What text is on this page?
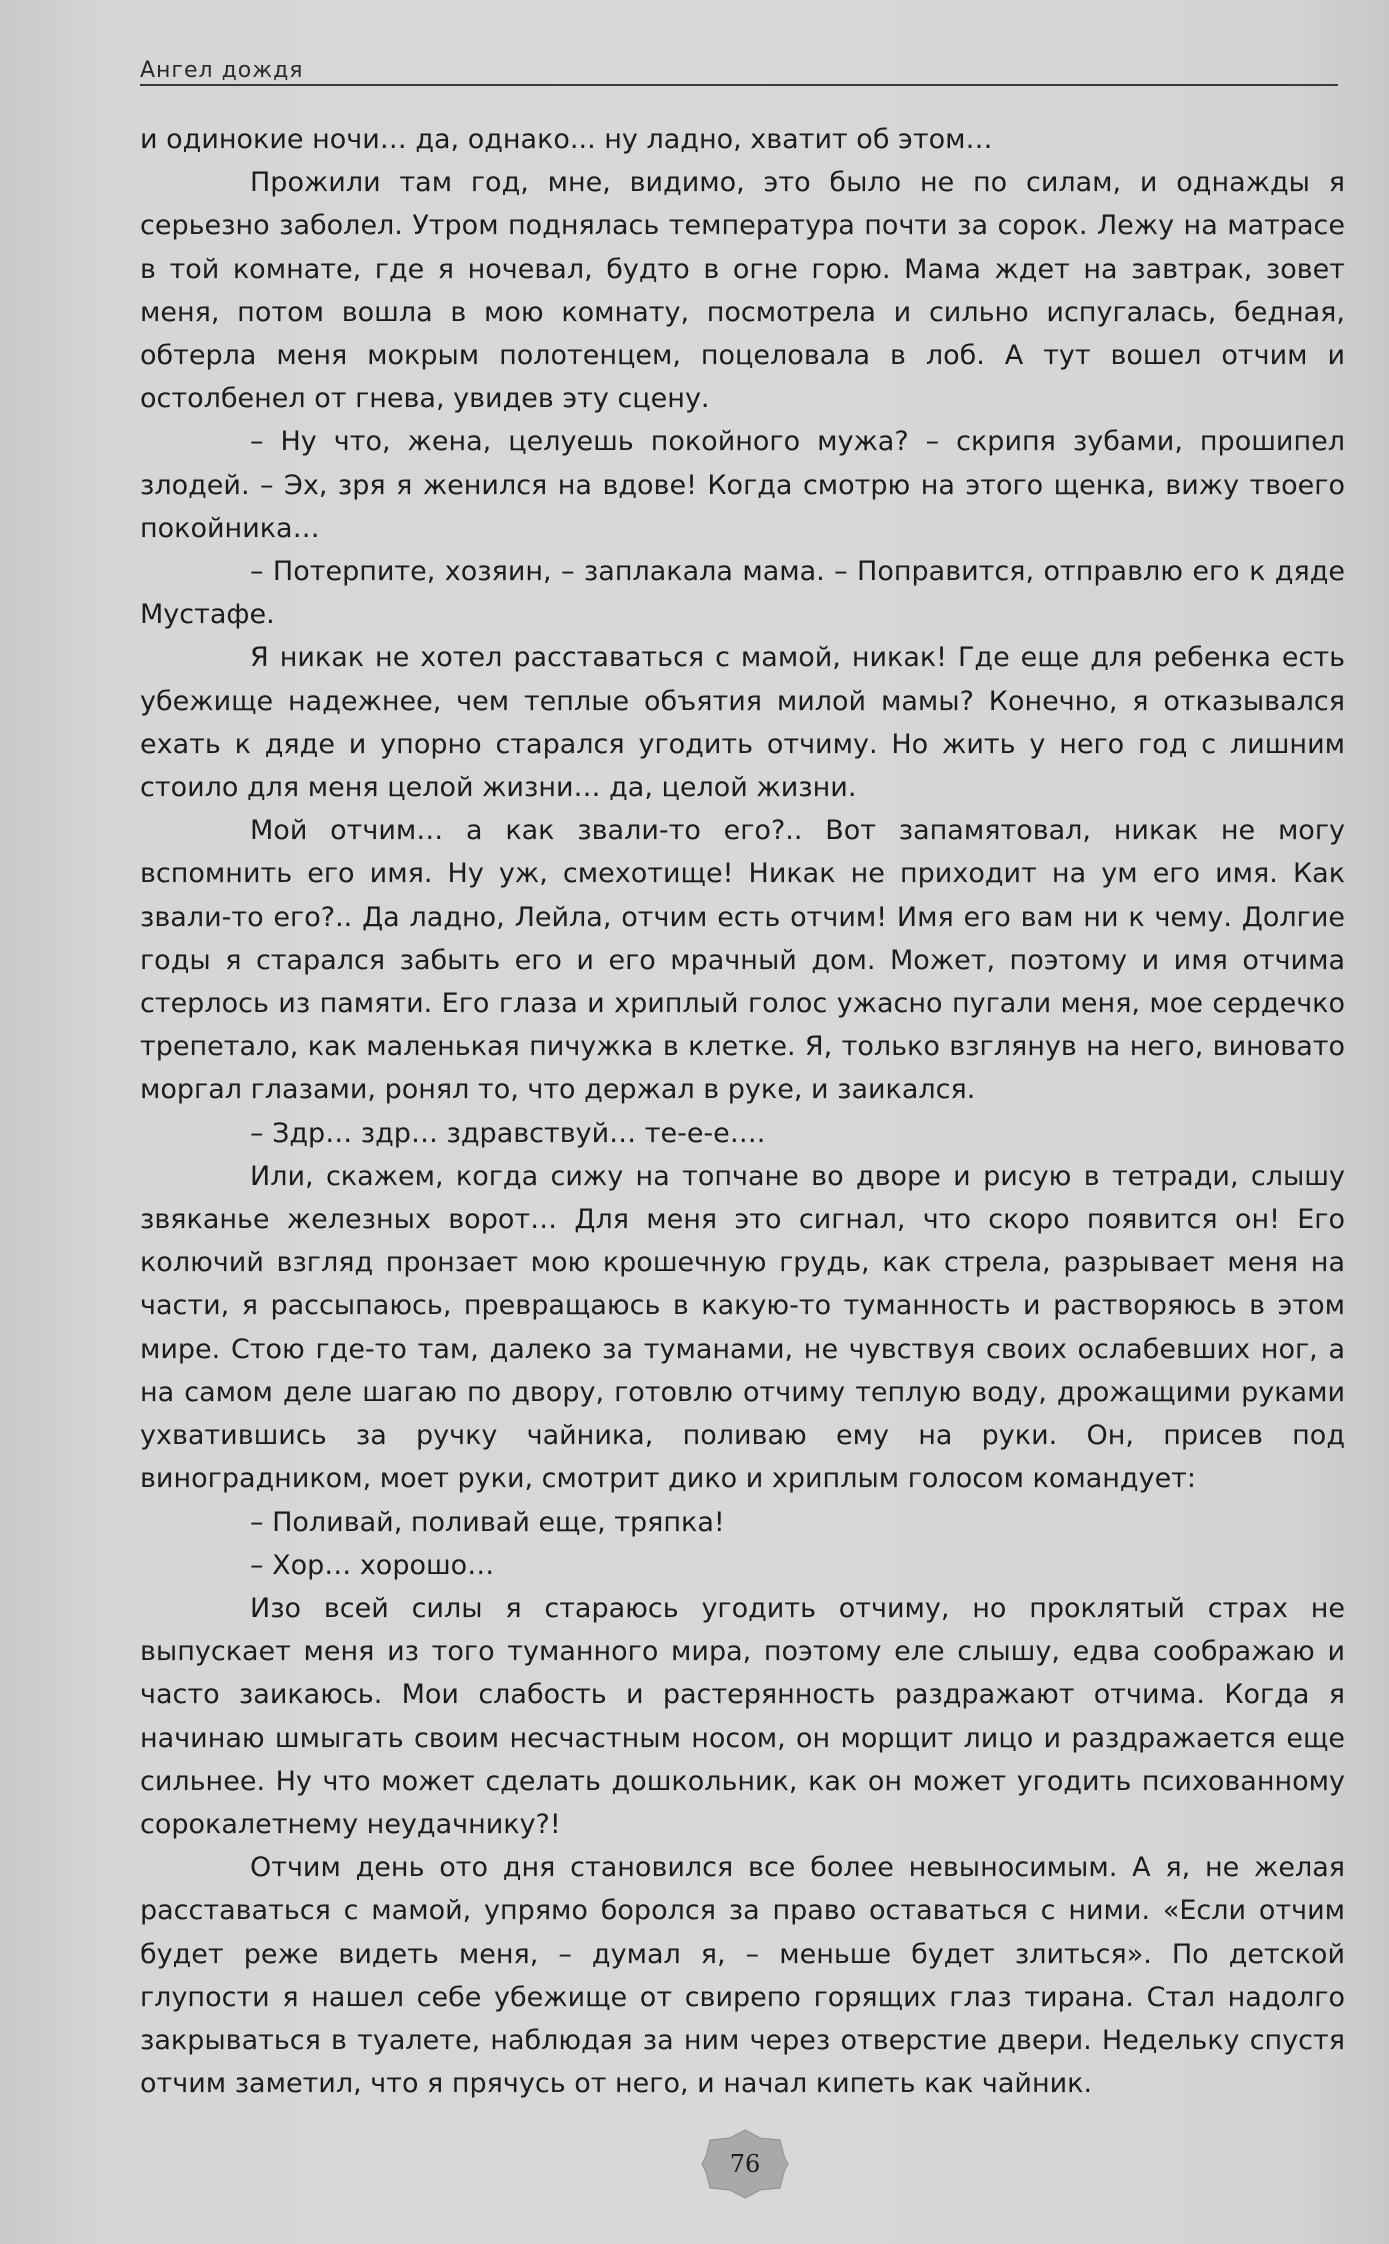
Ангел дождя

и одинокие ночи… да, однако... ну ладно, хватит об этом…

Прожили там год, мне, видимо, это было не по силам, и однажды я серьезно заболел. Утром поднялась температура почти за сорок. Лежу на матрасе в той комнате, где я ночевал, будто в огне горю. Мама ждет на завтрак, зовет меня, потом вошла в мою комнату, посмотрела и сильно испугалась, бедная, обтерла меня мокрым полотенцем, поцеловала в лоб. А тут вошел отчим и остолбенел от гнева, увидев эту сцену.

– Ну что, жена, целуешь покойного мужа? – скрипя зубами, прошипел злодей. – Эх, зря я женился на вдове! Когда смотрю на этого щенка, вижу твоего покойника…

– Потерпите, хозяин, – заплакала мама. – Поправится, отправлю его к дяде Мустафе.

Я никак не хотел расставаться с мамой, никак! Где еще для ребенка есть убежище надежнее, чем теплые объятия милой мамы? Конечно, я отказывался ехать к дяде и упорно старался угодить отчиму. Но жить у него год с лишним стоило для меня целой жизни… да, целой жизни.

Мой отчим… а как звали-то его?.. Вот запамятовал, никак не могу вспомнить его имя. Ну уж, смехотище! Никак не приходит на ум его имя. Как звали-то его?.. Да ладно, Лейла, отчим есть отчим! Имя его вам ни к чему. Долгие годы я старался забыть его и его мрачный дом. Может, поэтому и имя отчима стерлось из памяти. Его глаза и хриплый голос ужасно пугали меня, мое сердечко трепетало, как маленькая пичужка в клетке. Я, только взглянув на него, виновато моргал глазами, ронял то, что держал в руке, и заикался.

– Здр… здр… здравствуй… те-е-е….

Или, скажем, когда сижу на топчане во дворе и рисую в тетради, слышу звяканье железных ворот… Для меня это сигнал, что скоро появится он! Его колючий взгляд пронзает мою крошечную грудь, как стрела, разрывает меня на части, я рассыпаюсь, превращаюсь в какую-то туманность и растворяюсь в этом мире. Стою где-то там, далеко за туманами, не чувствуя своих ослабевших ног, а на самом деле шагаю по двору, готовлю отчиму теплую воду, дрожащими руками ухватившись за ручку чайника, поливаю ему на руки. Он, присев под виноградником, моет руки, смотрит дико и хриплым голосом командует:

– Поливай, поливай еще, тряпка!

– Хор… хорошо…

Изо всей силы я стараюсь угодить отчиму, но проклятый страх не выпускает меня из того туманного мира, поэтому еле слышу, едва соображаю и часто заикаюсь. Мои слабость и растерянность раздражают отчима. Когда я начинаю шмыгать своим несчастным носом, он морщит лицо и раздражается еще сильнее. Ну что может сделать дошкольник, как он может угодить психованному сорокалетнему неудачнику?!

Отчим день ото дня становился все более невыносимым. А я, не желая расставаться с мамой, упрямо боролся за право оставаться с ними. «Если отчим будет реже видеть меня, – думал я, – меньше будет злиться». По детской глупости я нашел себе убежище от свирепо горящих глаз тирана. Стал надолго закрываться в туалете, наблюдая за ним через отверстие двери. Недельку спустя отчим заметил, что я прячусь от него, и начал кипеть как чайник.

76
